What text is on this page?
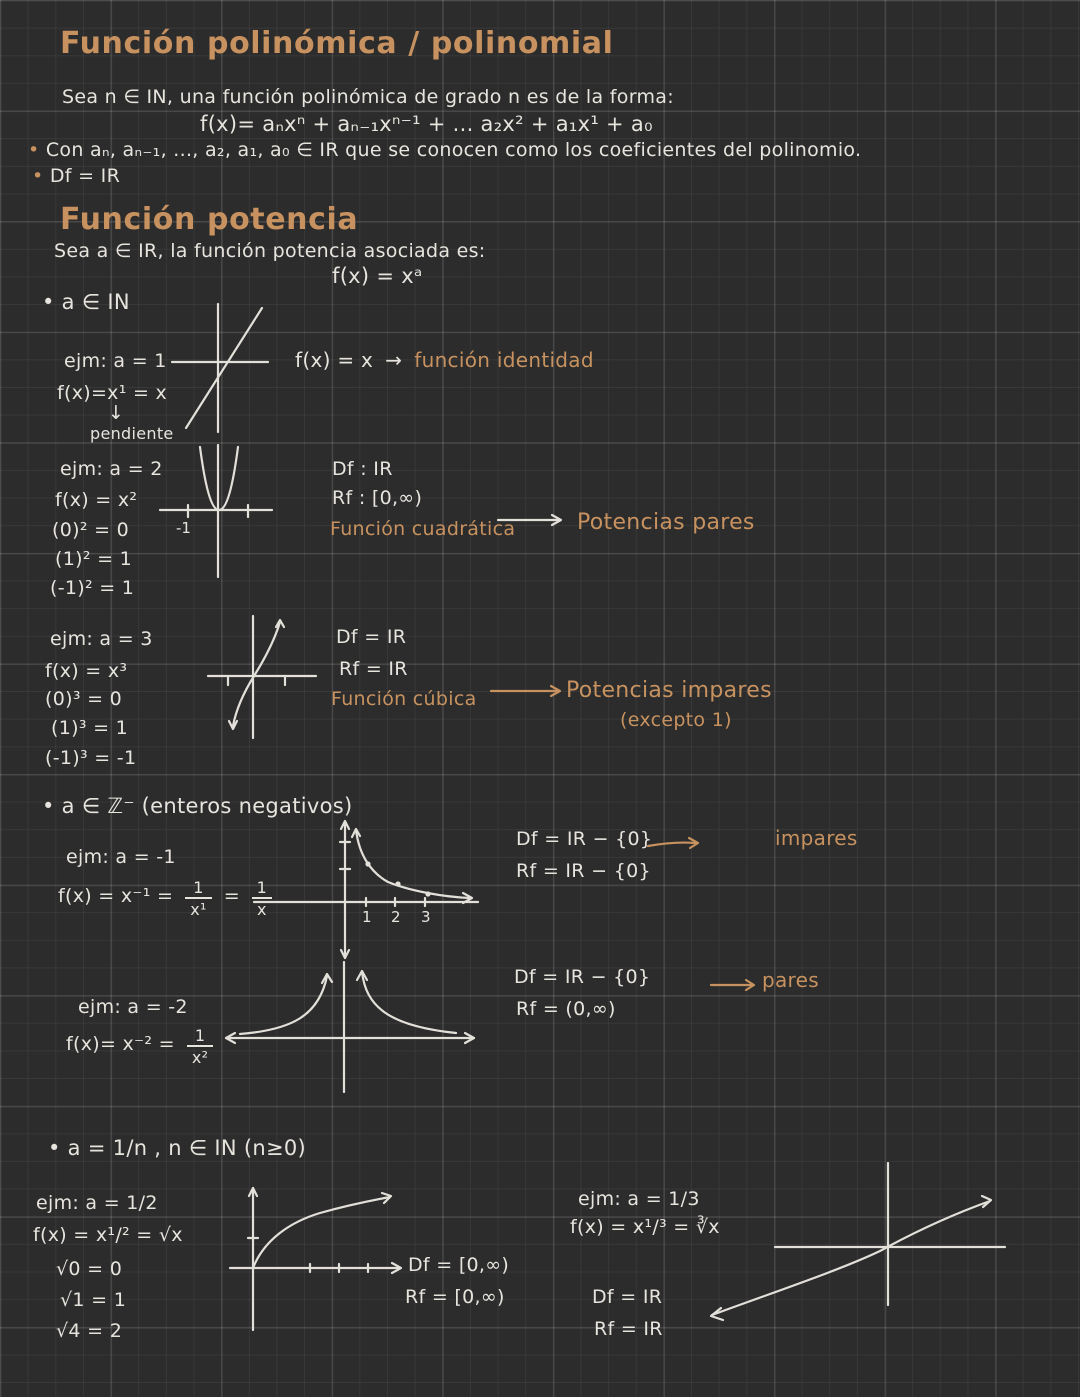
Función polinómica / polinomial
Sea n ∈ IN, una función polinómica de grado n es de la forma:
f(x)= aₙxⁿ + aₙ₋₁xⁿ⁻¹ + ... a₂x² + a₁x¹ + a₀
• Con aₙ, aₙ₋₁, ..., a₂, a₁, a₀ ∈ IR que se conocen como los coeficientes del polinomio.
• Df = IR
Función potencia
Sea a ∈ IR, la función potencia asociada es:
f(x) = xᵃ
• a ∈ IN
ejm: a = 1
f(x)=x¹ = x
↓
pendiente
f(x) = x → función identidad
ejm: a = 2
f(x) = x²
(0)² = 0
(1)² = 1
(-1)² = 1
-1
Df : IR
Rf : [0,∞)
Función cuadrática	Potencias pares
ejm: a = 3
f(x) = x³
(0)³ = 0
(1)³ = 1
(-1)³ = -1
Df = IR
Rf = IR
Función cúbica	Potencias impares
(excepto 1)
• a ∈ ℤ⁻ (enteros negativos)
ejm: a = -1
$f(x) = x^{-1} = \frac{1}{\text{x¹}} = \frac{1}{x}$	1 2 3
Df = IR − {0}
Rf = IR − {0}
impares
ejm: a = -2
$f(x)= x^{-2} = \frac{1}{\text{x²}}$
Df = IR − {0}
Rf = (0,∞)
pares
• a = 1/n , n ∈ IN (n≥0)
ejm: a = 1/2
f(x) = x¹/² = √x
√0 = 0
√1 = 1
√4 = 2
Df = [0,∞)
Rf = [0,∞)
ejm: a = 1/3
f(x) = x¹/³ = ∛x
Df = IR
Rf = IR
